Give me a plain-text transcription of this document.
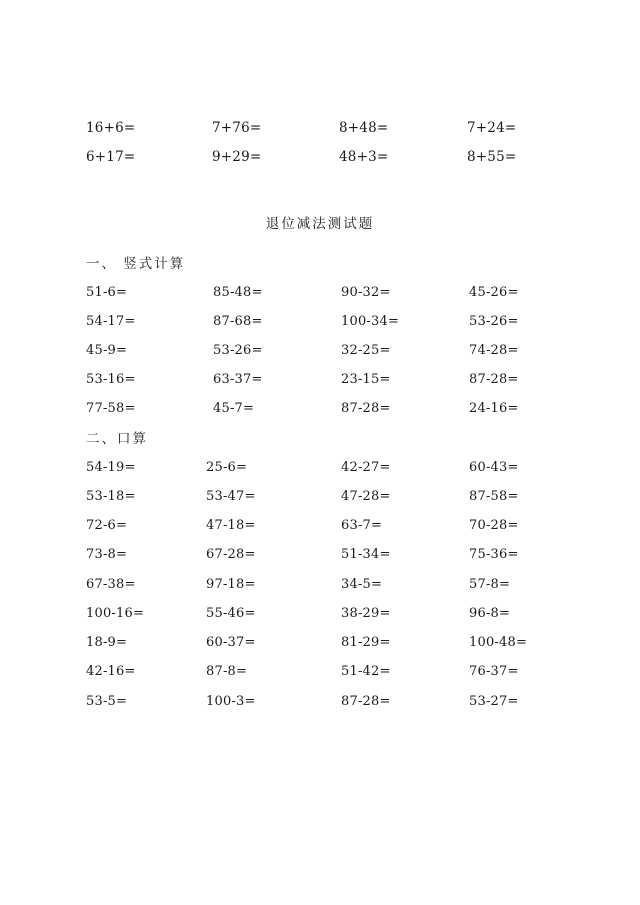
16+6=	7+76=	8+48=	7+24=
6+17=	9+29=	48+3=	8+55=
退位减法测试题
一、 竖式计算
51-6=	85-48=	90-32=	45-26=
54-17=	87-68=	100-34=	53-26=
45-9=	53-26=	32-25=	74-28=
53-16=	63-37=	23-15=	87-28=
77-58=	45-7=	87-28=	24-16=
二、口算
54-19=	25-6=	42-27=	60-43=
53-18=	53-47=	47-28=	87-58=
72-6=	47-18=	63-7=	70-28=
73-8=	67-28=	51-34=	75-36=
67-38=	97-18=	34-5=	57-8=
100-16=	55-46=	38-29=	96-8=
18-9=	60-37=	81-29=	100-48=
42-16=	87-8=	51-42=	76-37=
53-5=	100-3=	87-28=	53-27=
